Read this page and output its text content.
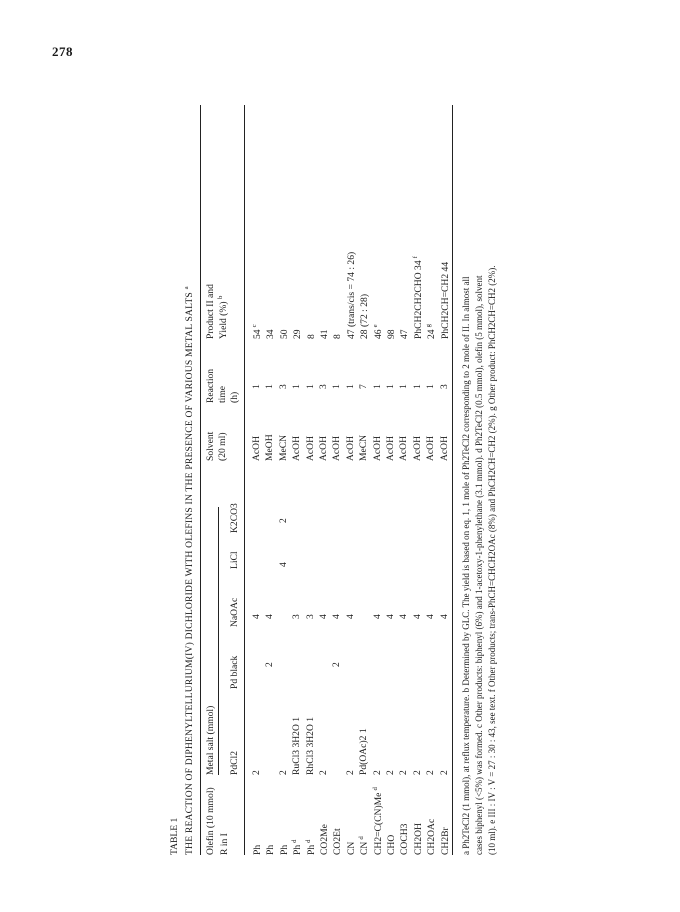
278
TABLE 1 THE REACTION OF DIPHENYLTELLURIUM(IV) DICHLORIDE WITH OLEFINS IN THE PRESENCE OF VARIOUS METAL SALTS $^a$
Olefin (10 mmol) R in I
Metal salt (mmol) PdCl2
Pd black
NaOAc
LiCl
K2CO3
Solvent (20 ml)
Reaction time (h)
Product II and Yield (%) $^b$
Ph
2
4
AcOH
1
54$^c$
Ph
2
4
MeOH
1
34
Ph
2
4
2
MeCN
3
50
Ph$^d$
RuCl3 3H2O 1
3
AcOH
1
29
Ph$^d$
RhCl3 3H2O 1
3
AcOH
1
8
CO2Me
2
4
AcOH
3
41
CO2Et
2
4
AcOH
1
8
CN
2
4
AcOH
1
47 (trans/cis = 74 : 26)
$CN^d$
Pd(OAc)2 1
MeCN
7
28 (72 : 28)
$CH2=C(CN)Me^d$
2
4
AcOH
1
46e
CHO
2
4
AcOH
1
98
COCH3
2
4
AcOH
1
47
CH2OH
2
4
AcOH
1
PhCH2CH2CHO 34$^f$
CH2OAc
2
4
AcOH
1
24$^g$
CH2Br
2
4
AcOH
3
PhCH2CH=CH2 44 a Ph2TeCl2 (1 mmol), at reflux temperature. b Determined by GLC. The yield is based on eq. 1, 1 mole of Ph2TeCl2 corresponding to 2 mole of II. In almost all cases biphenyl (<5%) was formed. c Other products: biphenyl (6%) and 1-acetoxy-1-phenylethane (3.1 mmol). d Ph2TeCl2 (0.5 mmol), olefin (5 mmol), solvent (10 ml). e III : IV : V = 27 : 30 : 43, see text. f Other products; trans-PhCH=CHCH2OAc (8%) and PhCH2CH=CH2 (2%). g Other product: PhCH2CH=CH2 (2%).
